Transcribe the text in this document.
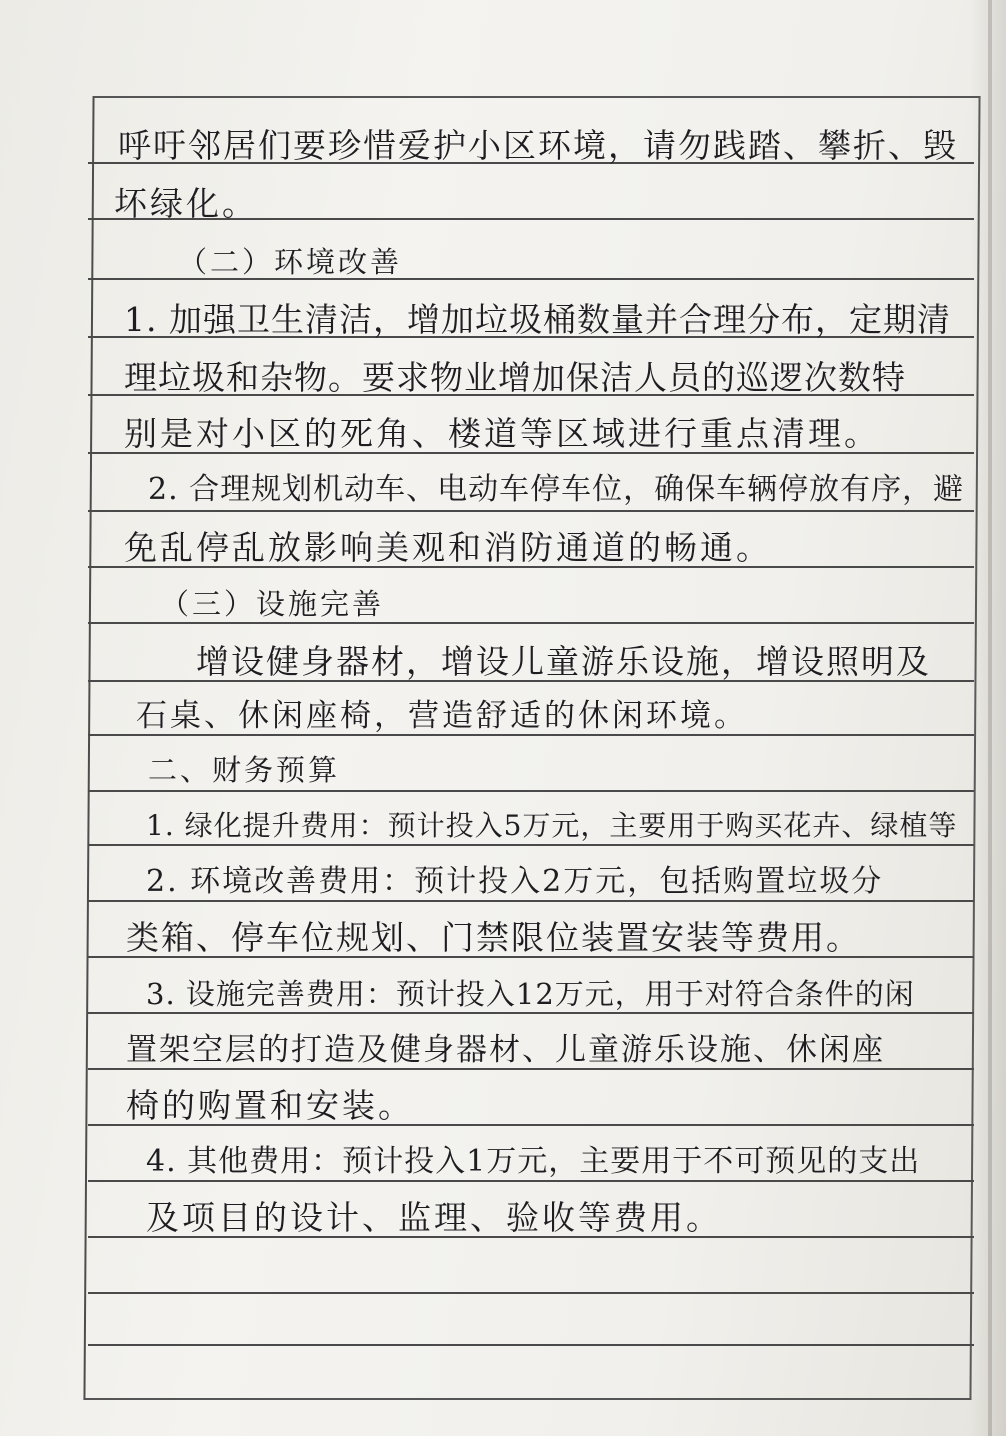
呼吁邻居们要珍惜爱护小区环境，请勿践踏、攀折、毁
坏绿化。
（二）环境改善
1. 加强卫生清洁，增加垃圾桶数量并合理分布，定期清
理垃圾和杂物。要求物业增加保洁人员的巡逻次数特
别是对小区的死角、楼道等区域进行重点清理。
2. 合理规划机动车、电动车停车位，确保车辆停放有序，避
免乱停乱放影响美观和消防通道的畅通。
（三）设施完善
增设健身器材，增设儿童游乐设施，增设照明及
石桌、休闲座椅，营造舒适的休闲环境。
二、财务预算
1. 绿化提升费用：预计投入5万元，主要用于购买花卉、绿植等
2. 环境改善费用：预计投入2万元，包括购置垃圾分
类箱、停车位规划、门禁限位装置安装等费用。
3. 设施完善费用：预计投入12万元，用于对符合条件的闲
置架空层的打造及健身器材、儿童游乐设施、休闲座
椅的购置和安装。
4. 其他费用：预计投入1万元，主要用于不可预见的支出
及项目的设计、监理、验收等费用。
